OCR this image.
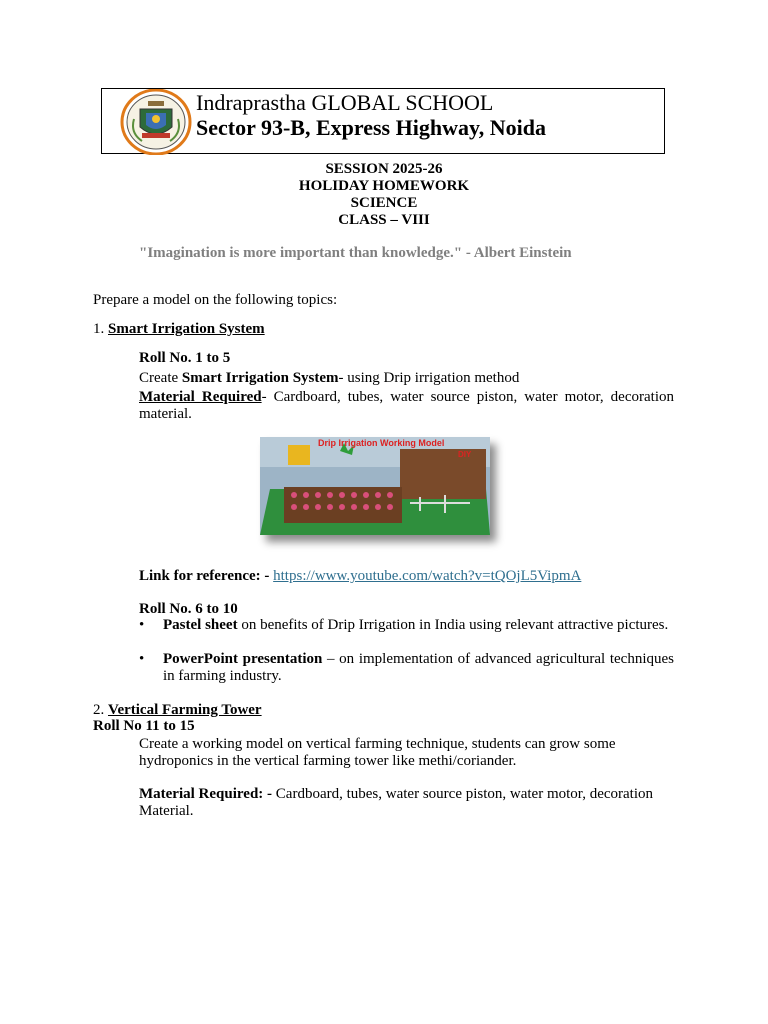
Indraprastha GLOBAL SCHOOL
Sector 93-B, Express Highway, Noida
SESSION 2025-26
HOLIDAY HOMEWORK
SCIENCE
CLASS – VIII
"Imagination is more important than knowledge." - Albert Einstein
Prepare a model on the following topics:
1. Smart Irrigation System
Roll No. 1 to 5
Create Smart Irrigation System- using Drip irrigation method
Material Required- Cardboard, tubes, water source piston, water motor, decoration material.
Drip Irrigation Working Model
DIY
Link for reference: - https://www.youtube.com/watch?v=tQOjL5VipmA
Roll No. 6 to 10
• Pastel sheet on benefits of Drip Irrigation in India using relevant attractive pictures.
• PowerPoint presentation – on implementation of advanced agricultural techniques in farming industry.
2. Vertical Farming Tower
Roll No 11 to 15
Create a working model on vertical farming technique, students can grow some hydroponics in the vertical farming tower like methi/coriander.
Material Required: - Cardboard, tubes, water source piston, water motor, decoration Material.
